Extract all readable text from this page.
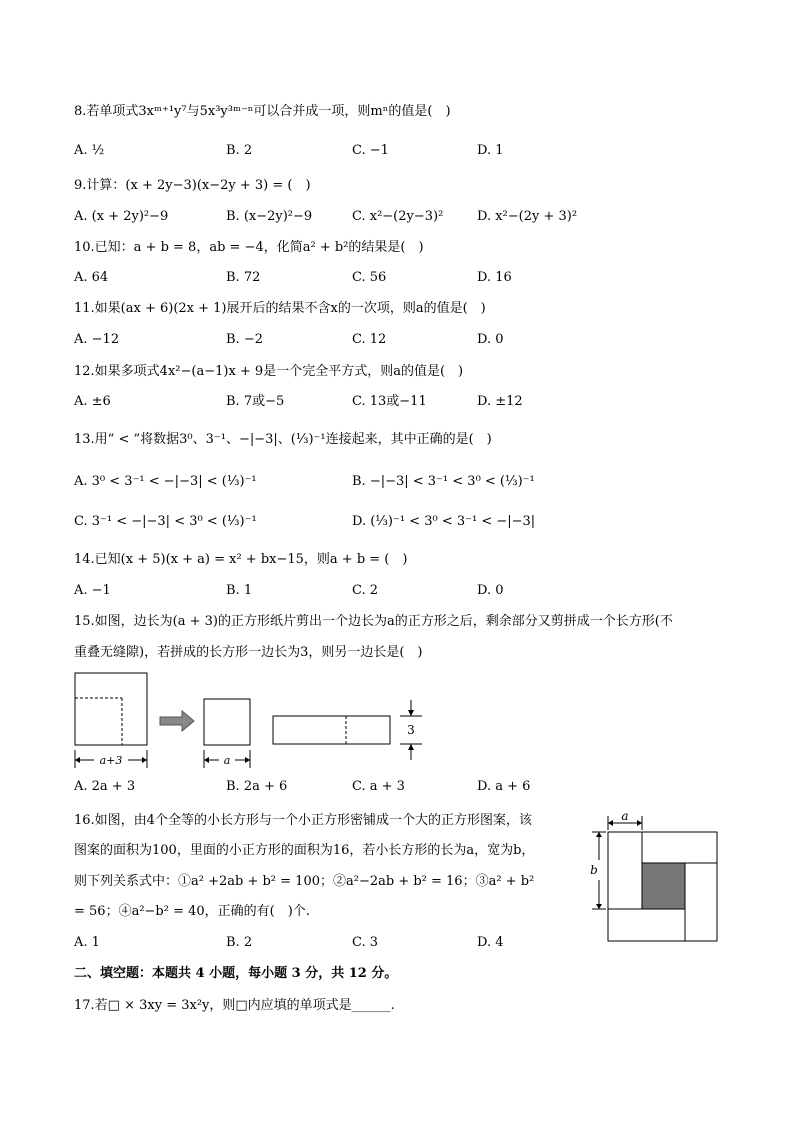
8.若单项式3xᵐ⁺¹y⁷与5x³y³ᵐ⁻ⁿ可以合并成一项，则mⁿ的值是( )
A. ½	B. 2	C. −1	D. 1
9.计算：(x + 2y−3)(x−2y + 3) = ( )
A. (x + 2y)²−9	B. (x−2y)²−9	C. x²−(2y−3)²	D. x²−(2y + 3)²
10.已知：a + b = 8，ab = −4，化简a² + b²的结果是( )
A. 64	B. 72	C. 56	D. 16
11.如果(ax + 6)(2x + 1)展开后的结果不含x的一次项，则a的值是( )
A. −12	B. −2	C. 12	D. 0
12.如果多项式4x²−(a−1)x + 9是一个完全平方式，则a的值是( )
A. ±6	B. 7或−5	C. 13或−11	D. ±12
13.用“ < ”将数据3⁰、3⁻¹、−|−3|、(⅓)⁻¹连接起来，其中正确的是( )
A. 3⁰ < 3⁻¹ < −|−3| < (⅓)⁻¹	B. −|−3| < 3⁻¹ < 3⁰ < (⅓)⁻¹
C. 3⁻¹ < −|−3| < 3⁰ < (⅓)⁻¹	D. (⅓)⁻¹ < 3⁰ < 3⁻¹ < −|−3|
14.已知(x + 5)(x + a) = x² + bx−15，则a + b = ( )
A. −1	B. 1	C. 2	D. 0
15.如图，边长为(a + 3)的正方形纸片剪出一个边长为a的正方形之后，剩余部分又剪拼成一个长方形(不
重叠无缝隙)，若拼成的长方形一边长为3，则另一边长是( )
a+3	a
3
A. 2a + 3	B. 2a + 6	C. a + 3	D. a + 6
16.如图，由4个全等的小长方形与一个小正方形密铺成一个大的正方形图案，该
图案的面积为100，里面的小正方形的面积为16，若小长方形的长为a，宽为b，
则下列关系式中：①a² +2ab + b² = 100；②a²−2ab + b² = 16；③a² + b²
= 56；④a²−b² = 40，正确的有( )个.
a
b
A. 1	B. 2	C. 3	D. 4
二、填空题：本题共 4 小题，每小题 3 分，共 12 分。
17.若□ × 3xy = 3x²y，则□内应填的单项式是______.
